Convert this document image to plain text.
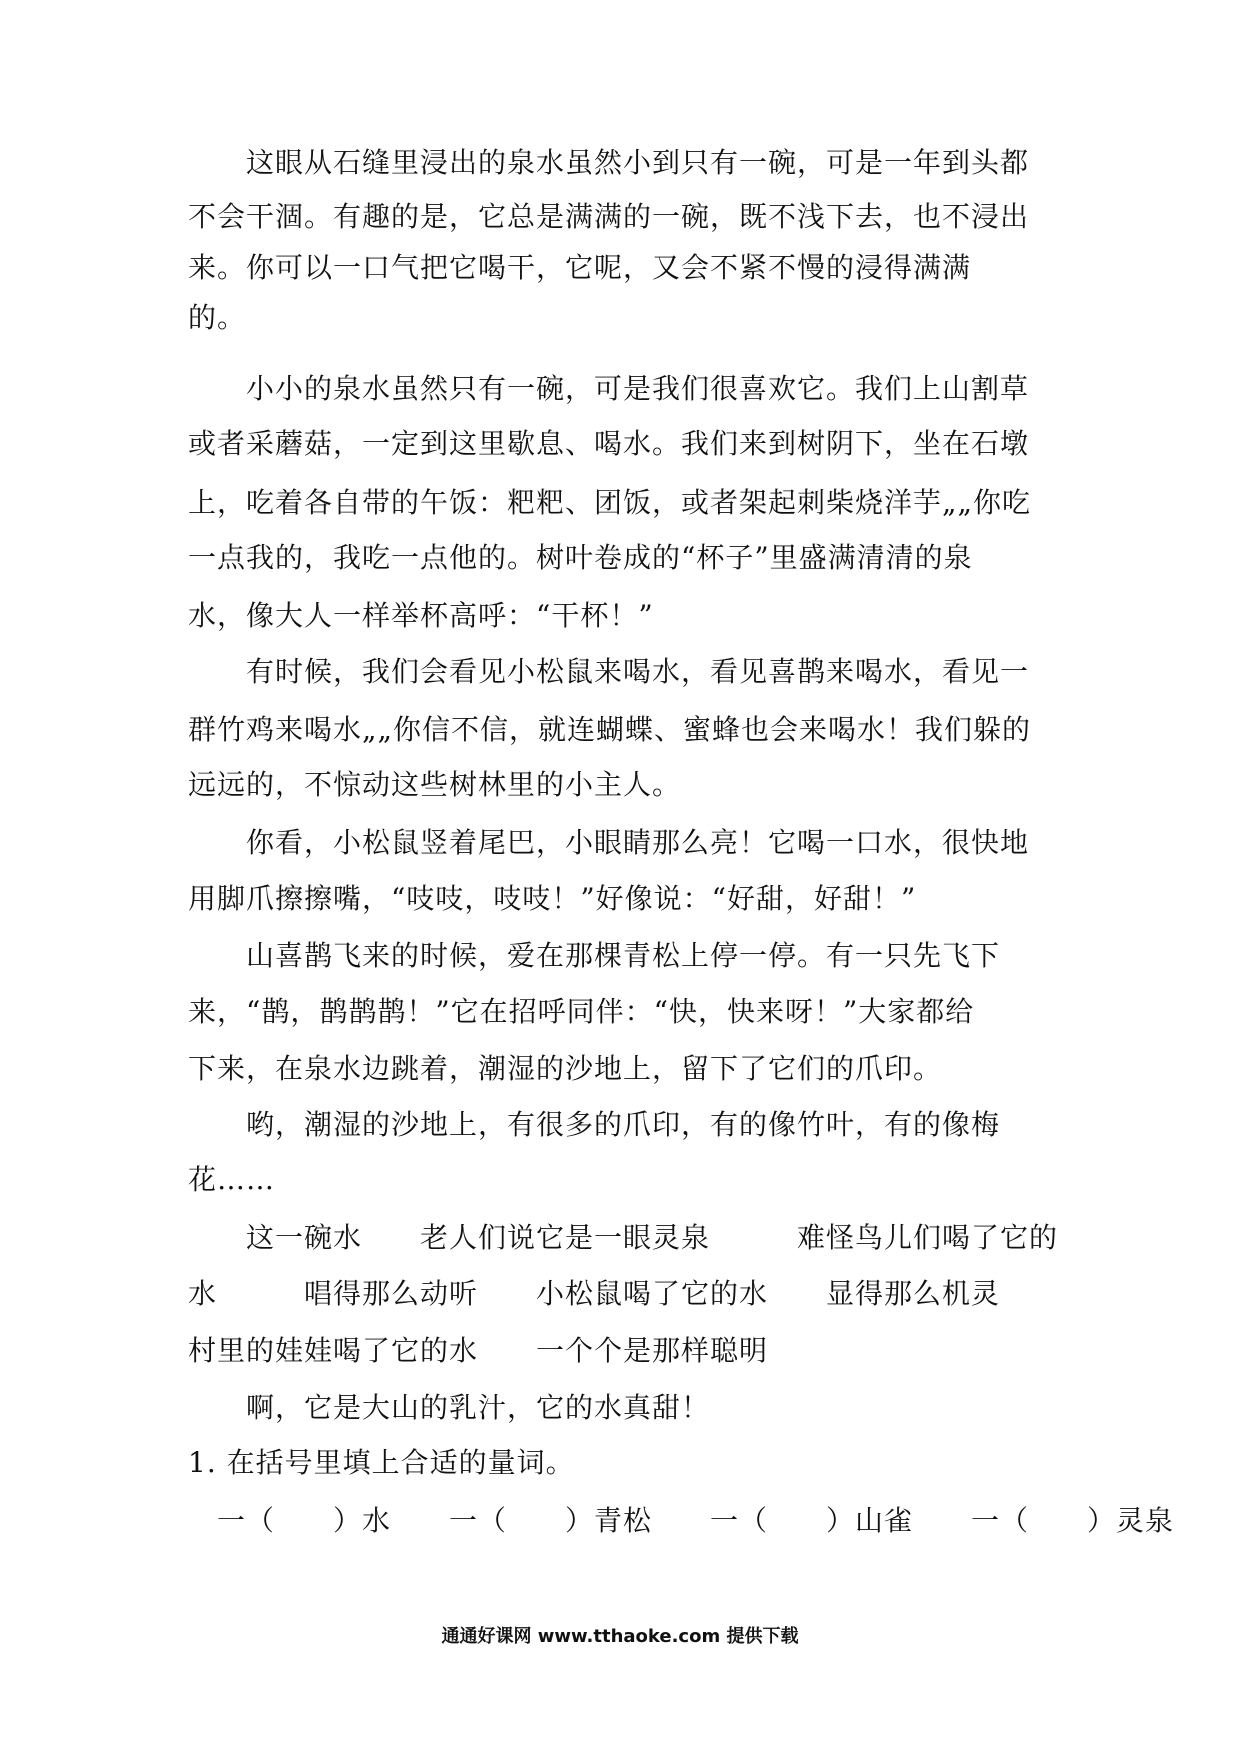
　　这眼从石缝里浸出的泉水虽然小到只有一碗，可是一年到头都
不会干涸。有趣的是，它总是满满的一碗，既不浅下去，也不浸出
来。你可以一口气把它喝干，它呢，又会不紧不慢的浸得满满
的。
　　小小的泉水虽然只有一碗，可是我们很喜欢它。我们上山割草
或者采蘑菇，一定到这里歇息、喝水。我们来到树阴下，坐在石墩
上，吃着各自带的午饭：粑粑、团饭，或者架起刺柴烧洋芋„„你吃
一点我的，我吃一点他的。树叶卷成的“杯子”里盛满清清的泉
水，像大人一样举杯高呼：“干杯！”
　　有时候，我们会看见小松鼠来喝水，看见喜鹊来喝水，看见一
群竹鸡来喝水„„你信不信，就连蝴蝶、蜜蜂也会来喝水！我们躲的
远远的，不惊动这些树林里的小主人。
　　你看，小松鼠竖着尾巴，小眼睛那么亮！它喝一口水，很快地
用脚爪擦擦嘴，“吱吱，吱吱！”好像说：“好甜，好甜！”
　　山喜鹊飞来的时候，爱在那棵青松上停一停。有一只先飞下
来，“鹊，鹊鹊鹊！”它在招呼同伴：“快，快来呀！”大家都给
下来，在泉水边跳着，潮湿的沙地上，留下了它们的爪印。
　　哟，潮湿的沙地上，有很多的爪印，有的像竹叶，有的像梅
花……
　　这一碗水　　老人们说它是一眼灵泉　　　难怪鸟儿们喝了它的
水　　　唱得那么动听　　小松鼠喝了它的水　　显得那么机灵
村里的娃娃喝了它的水　　一个个是那样聪明
　　啊，它是大山的乳汁，它的水真甜！
1. 在括号里填上合适的量词。
　一（　　）水　　一（　　）青松　　一（　　）山雀　　一（　　）灵泉
通通好课网 www.tthaoke.com 提供下载
